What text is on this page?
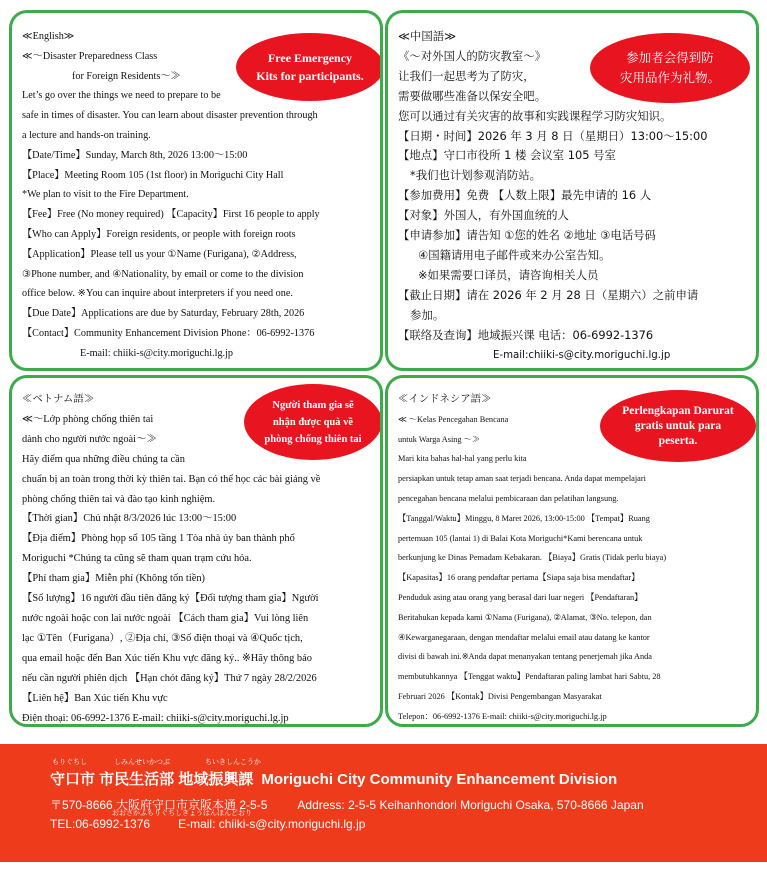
≪English≫
≪～Disaster Preparedness Class
for Foreign Residents～≫
Let’s go over the things we need to prepare to be
safe in times of disaster. You can learn about disaster prevention through
a lecture and hands-on training.
【Date/Time】Sunday, March 8th, 2026 13:00～15:00
【Place】Meeting Room 105 (1st floor) in Moriguchi City Hall
*We plan to visit to the Fire Department.
【Fee】Free (No money required) 【Capacity】First 16 people to apply
【Who can Apply】Foreign residents, or people with foreign roots
【Application】Please tell us your ①Name (Furigana), ②Address,
③Phone number, and ④Nationality, by email or come to the division
office below. ※You can inquire about interpreters if you need one.
【Due Date】Applications are due by Saturday, February 28th, 2026
【Contact】Community Enhancement Division Phone：06-6992-1376
E-mail: chiiki-s@city.moriguchi.lg.jp
Free Emergency
Kits for participants.
≪中国語≫
《～对外国人的防灾教室～》
让我们一起思考为了防灾，
需要做哪些准备以保安全吧。
您可以通过有关灾害的故事和实践课程学习防灾知识。
【日期・时间】2026 年 3 月 8 日（星期日）13:00～15:00
【地点】守口市役所 1 楼 会议室 105 号室
*我们也计划参观消防站。
【参加费用】免费 【人数上限】最先申请的 16 人
【对象】外国人，有外国血统的人
【申请参加】请告知 ①您的姓名 ②地址 ③电话号码
④国籍请用电子邮件或来办公室告知。
※如果需要口译员，请咨询相关人员
【截止日期】请在 2026 年 2 月 28 日（星期六）之前申请
参加。
【联络及查询】地域振兴课 电话：06-6992-1376
E-mail:chiiki-s@city.moriguchi.lg.jp
参加者会得到防
灾用品作为礼物。
≪ベトナム語≫
≪～Lớp phòng chống thiên tai
dành cho người nước ngoài～≫
Hãy điểm qua những điều chúng ta cần
chuẩn bị an toàn trong thời kỳ thiên tai. Bạn có thể học các bài giảng về
phòng chống thiên tai và đào tạo kinh nghiệm.
【Thời gian】Chủ nhật 8/3/2026 lúc 13:00～15:00
【Địa điểm】Phòng họp số 105 tầng 1 Tòa nhà ủy ban thành phố
Moriguchi *Chúng ta cũng sẽ tham quan trạm cứu hỏa.
【Phí tham gia】Miễn phí (Không tốn tiền)
【Số lượng】16 người đầu tiên đăng ký【Đối tượng tham gia】Người
nước ngoài hoặc con lai nước ngoài 【Cách tham gia】Vui lòng liên
lạc ①Tên（Furigana）, ②Địa chỉ, ③Số điện thoại và ④Quốc tịch,
qua email hoặc đến Ban Xúc tiến Khu vực đăng ký.. ※Hãy thông báo
nếu cần người phiên dịch 【Hạn chót đăng ký】Thứ 7 ngày 28/2/2026
【Liên hệ】Ban Xúc tiến Khu vực
Điện thoại: 06-6992-1376 E-mail: chiiki-s@city.moriguchi.lg.jp
Người tham gia sẽ
nhận được quà về
phòng chống thiên tai
≪インドネシア語≫
≪ ～Kelas Pencegahan Bencana
untuk Warga Asing ～≫
Mari kita bahas hal-hal yang perlu kita
persiapkan untuk tetap aman saat terjadi bencana. Anda dapat mempelajari
pencegahan bencana melalui pembicaraan dan pelatihan langsung.
【Tanggal/Waktu】Minggu, 8 Maret 2026, 13:00-15:00 【Tempat】Ruang
pertemuan 105 (lantai 1) di Balai Kota Moriguchi*Kami berencana untuk
berkunjung ke Dinas Pemadam Kebakaran. 【Biaya】Gratis (Tidak perlu biaya)
【Kapasitas】16 orang pendaftar pertama【Siapa saja bisa mendaftar】
Penduduk asing atau orang yang berasal dari luar negeri 【Pendaftaran】
Beritahukan kepada kami ①Nama (Furigana), ②Alamat, ③No. telepon, dan
④Kewarganegaraan, dengan mendaftar melalui email atau datang ke kantor
divisi di bawah ini.※Anda dapat menanyakan tentang penerjemah jika Anda
membutuhkannya 【Tenggat waktu】Pendaftaran paling lambat hari Sabtu, 28
Februari 2026 【Kontak】Divisi Pengembangan Masyarakat
Telepon：06-6992-1376 E-mail: chiiki-s@city.moriguchi.lg.jp
Perlengkapan Darurat
gratis untuk para
peserta.
もりぐちし	しみんせいかつぶ	ちいきしんこうか
守口市 市民生活部 地域振興課 Moriguchi City Community Enhancement Division
〒570-8666 大阪府守口市京阪本通 2-5-5	Address: 2-5-5 Keihanhondori Moriguchi Osaka, 570-8666 Japan
おおさかふもりぐちしきょうはんほんどおり
TEL:06-6992-1376 E-mail: chiiki-s@city.moriguchi.lg.jp
